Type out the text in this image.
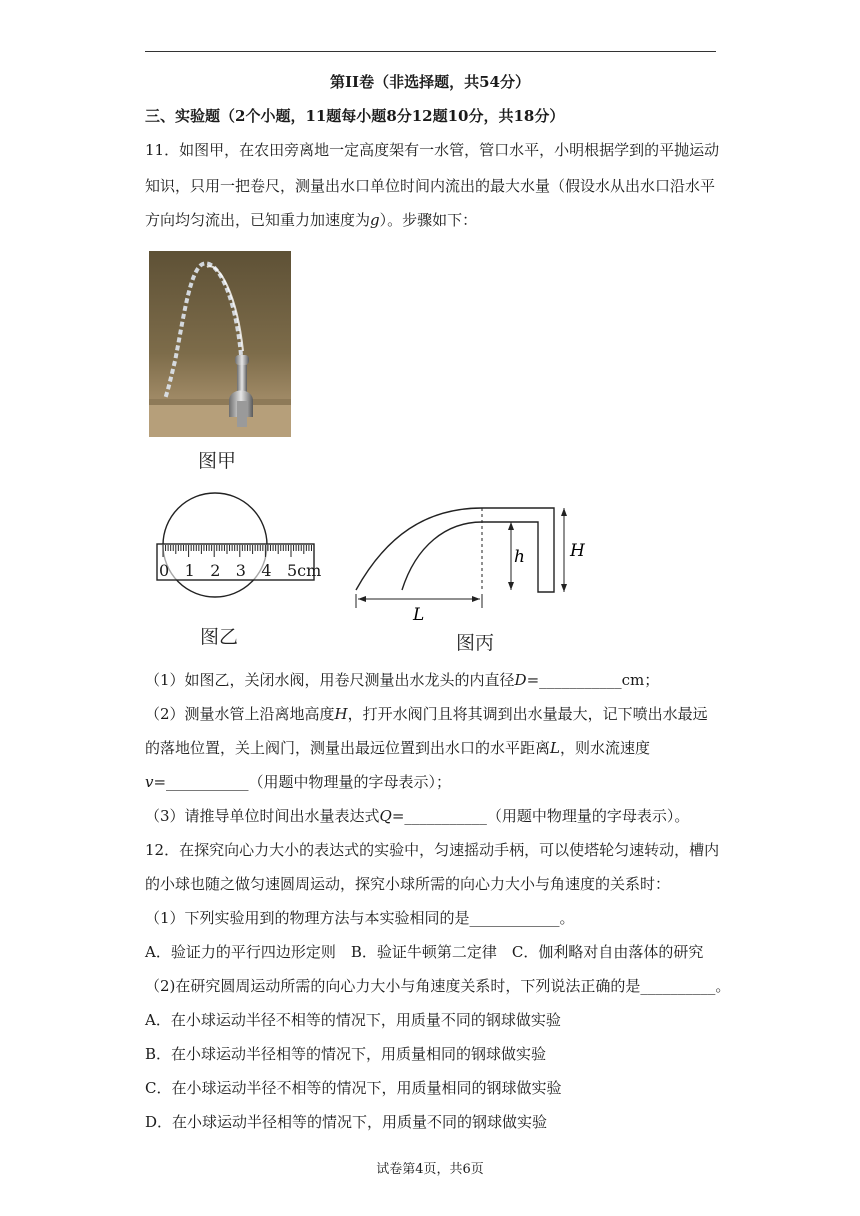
第II卷（非选择题，共54分）
三、实验题（2个小题，11题每小题8分12题10分，共18分）
11．如图甲，在农田旁离地一定高度架有一水管，管口水平，小明根据学到的平抛运动
知识，只用一把卷尺，测量出水口单位时间内流出的最大水量（假设水从出水口沿水平
方向均匀流出，已知重力加速度为g）。步骤如下：
图甲
0 1 2 3 4 5cm
图乙
h	H
L
图丙
（1）如图乙，关闭水阀，用卷尺测量出水龙头的内直径D=___________cm；
（2）测量水管上沿离地高度H，打开水阀门且将其调到出水量最大，记下喷出水最远
的落地位置，关上阀门，测量出最远位置到出水口的水平距离L，则水流速度
v=___________（用题中物理量的字母表示）；
（3）请推导单位时间出水量表达式Q=___________（用题中物理量的字母表示）。
12．在探究向心力大小的表达式的实验中，匀速摇动手柄，可以使塔轮匀速转动，槽内
的小球也随之做匀速圆周运动，探究小球所需的向心力大小与角速度的关系时：
（1）下列实验用到的物理方法与本实验相同的是____________。
A．验证力的平行四边形定则　B．验证牛顿第二定律　C．伽利略对自由落体的研究
（2)在研究圆周运动所需的向心力大小与角速度关系时，下列说法正确的是__________。
A．在小球运动半径不相等的情况下，用质量不同的钢球做实验
B．在小球运动半径相等的情况下，用质量相同的钢球做实验
C．在小球运动半径不相等的情况下，用质量相同的钢球做实验
D．在小球运动半径相等的情况下，用质量不同的钢球做实验
试卷第4页，共6页
